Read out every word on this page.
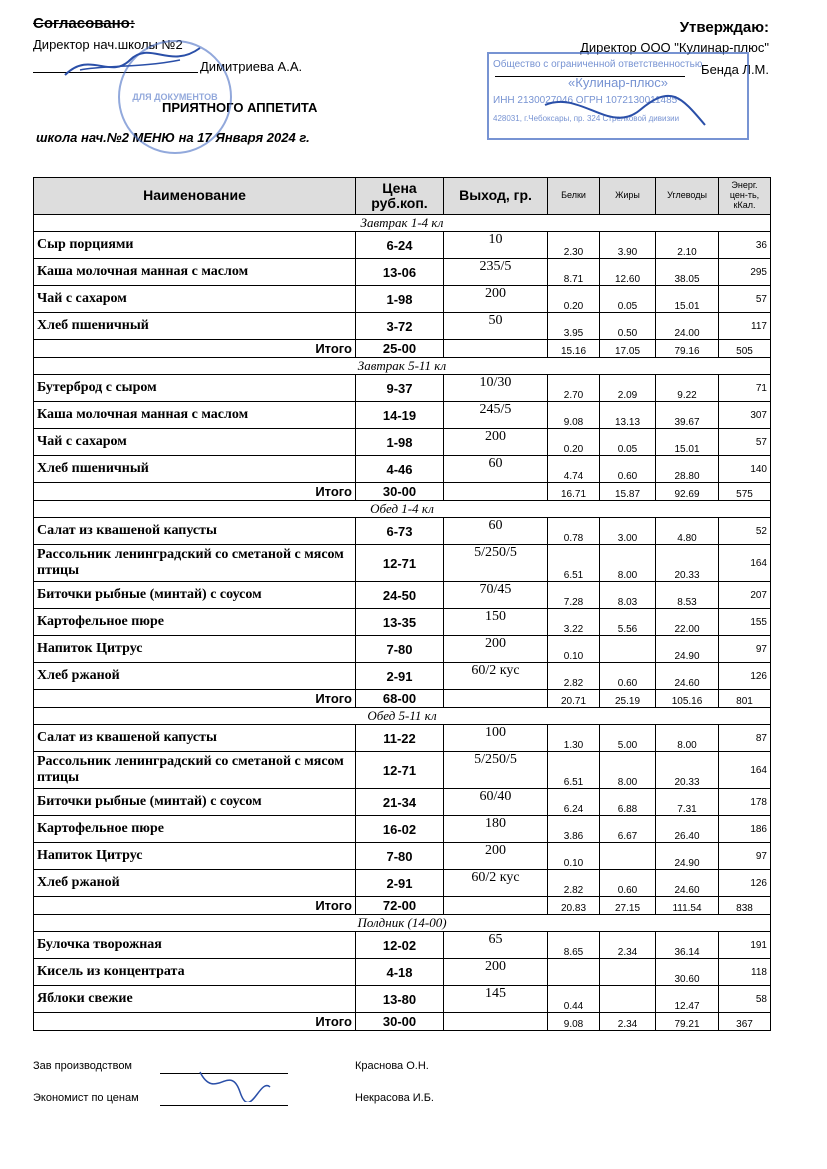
Согласовано:
Директор нач.школы №2
Димитриева А.А.
Утверждаю:
Директор ООО "Кулинар-плюс"
Бенда Л.М.
ПРИЯТНОГО АППЕТИТА
школа нач.№2 МЕНЮ на 17 Января 2024 г.
ДЛЯ ДОКУМЕНТОВ
Общество с ограниченной ответственностью
«Кулинар-плюс»
ИНН 2130027046 ОГРН 1072130011485
428031, г.Чебоксары, пр. 324 Стрелковой дивизии
Наименование	Цена руб.коп.	Выход, гр.	Белки	Жиры	Углеводы	Энерг. цен-ть, кКал.
Завтрак 1-4 кл						
Сыр порциями	6-24	10	2.30	3.90	2.10	36
Каша молочная манная с маслом	13-06	235/5	8.71	12.60	38.05	295
Чай с сахаром	1-98	200	0.20	0.05	15.01	57
Хлеб пшеничный	3-72	50	3.95	0.50	24.00	117
Итого	25-00		15.16	17.05	79.16	505
Завтрак 5-11 кл						
Бутерброд с сыром	9-37	10/30	2.70	2.09	9.22	71
Каша молочная манная с маслом	14-19	245/5	9.08	13.13	39.67	307
Чай с сахаром	1-98	200	0.20	0.05	15.01	57
Хлеб пшеничный	4-46	60	4.74	0.60	28.80	140
Итого	30-00		16.71	15.87	92.69	575
Обед 1-4 кл						
Салат из квашеной капусты	6-73	60	0.78	3.00	4.80	52
Рассольник ленинградский со сметаной с мясом птицы	12-71	5/250/5	6.51	8.00	20.33	164
Биточки рыбные (минтай) с соусом	24-50	70/45	7.28	8.03	8.53	207
Картофельное пюре	13-35	150	3.22	5.56	22.00	155
Напиток Цитрус	7-80	200	0.10		24.90	97
Хлеб ржаной	2-91	60/2 кус	2.82	0.60	24.60	126
Итого	68-00		20.71	25.19	105.16	801
Обед 5-11 кл						
Салат из квашеной капусты	11-22	100	1.30	5.00	8.00	87
Рассольник ленинградский со сметаной с мясом птицы	12-71	5/250/5	6.51	8.00	20.33	164
Биточки рыбные (минтай) с соусом	21-34	60/40	6.24	6.88	7.31	178
Картофельное пюре	16-02	180	3.86	6.67	26.40	186
Напиток Цитрус	7-80	200	0.10		24.90	97
Хлеб ржаной	2-91	60/2 кус	2.82	0.60	24.60	126
Итого	72-00		20.83	27.15	111.54	838
Полдник (14-00)						
Булочка творожная	12-02	65	8.65	2.34	36.14	191
Кисель из концентрата	4-18	200			30.60	118
Яблоки свежие	13-80	145	0.44		12.47	58
Итого	30-00		9.08	2.34	79.21	367
Зав производством	Краснова О.Н.
Экономист по ценам	Некрасова И.Б.
